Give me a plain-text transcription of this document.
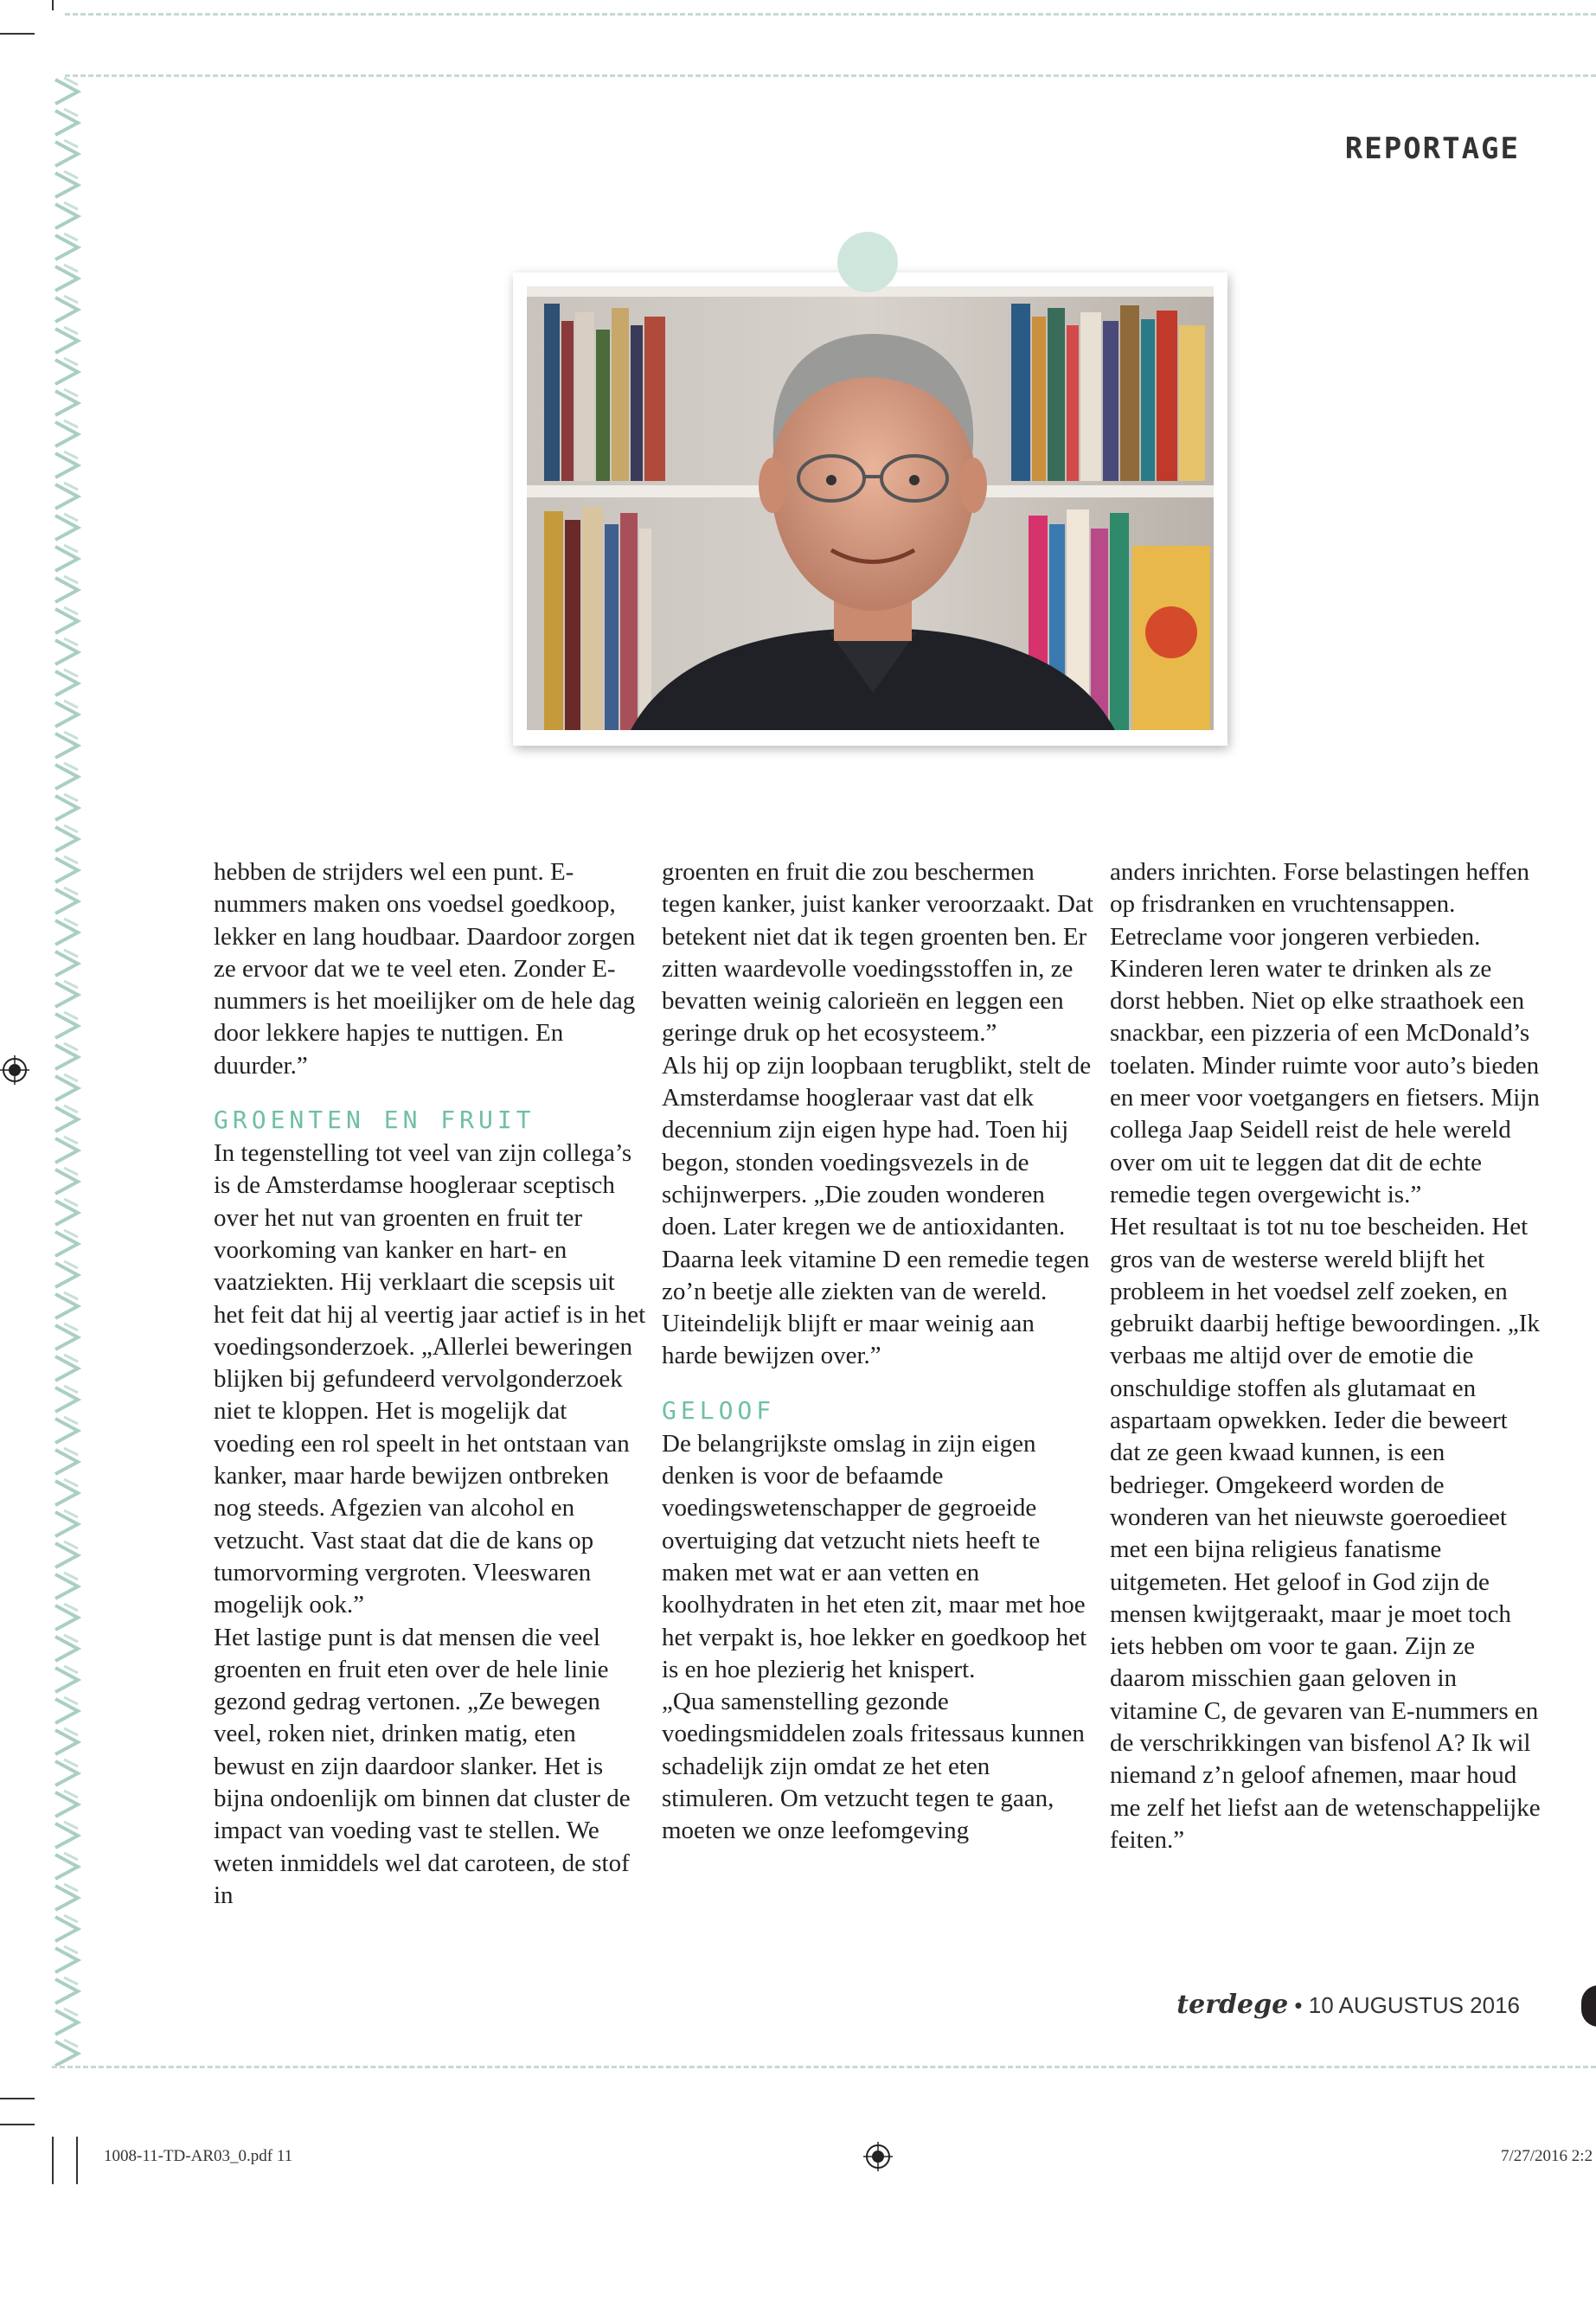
REPORTAGE

hebben de strijders wel een punt. E-nummers maken ons voedsel goedkoop, lekker en lang houdbaar. Daardoor zorgen ze ervoor dat we te veel eten. Zonder E-nummers is het moeilijker om de hele dag door lekkere hapjes te nuttigen. En duurder.”

GROENTEN EN FRUIT

In tegenstelling tot veel van zijn collega’s is de Amsterdamse hoogleraar sceptisch over het nut van groenten en fruit ter voorkoming van kanker en hart- en vaatziekten. Hij verklaart die scepsis uit het feit dat hij al veertig jaar actief is in het voedingsonderzoek. „Allerlei beweringen blijken bij gefundeerd vervolgonderzoek niet te kloppen. Het is mogelijk dat voeding een rol speelt in het ontstaan van kanker, maar harde bewijzen ontbreken nog steeds. Afgezien van alcohol en vetzucht. Vast staat dat die de kans op tumorvorming vergroten. Vleeswaren mogelijk ook.”

Het lastige punt is dat mensen die veel groenten en fruit eten over de hele linie gezond gedrag vertonen. „Ze bewegen veel, roken niet, drinken matig, eten bewust en zijn daardoor slanker. Het is bijna ondoenlijk om binnen dat cluster de impact van voeding vast te stellen. We weten inmiddels wel dat caroteen, de stof in

groenten en fruit die zou beschermen tegen kanker, juist kanker veroorzaakt. Dat betekent niet dat ik tegen groenten ben. Er zitten waardevolle voedingsstoffen in, ze bevatten weinig calorieën en leggen een geringe druk op het ecosysteem.”

Als hij op zijn loopbaan terugblikt, stelt de Amsterdamse hoogleraar vast dat elk decennium zijn eigen hype had. Toen hij begon, stonden voedingsvezels in de schijnwerpers. „Die zouden wonderen doen. Later kregen we de antioxidanten. Daarna leek vitamine D een remedie tegen zo’n beetje alle ziekten van de wereld. Uiteindelijk blijft er maar weinig aan harde bewijzen over.”

GELOOF

De belangrijkste omslag in zijn eigen denken is voor de befaamde voedingswetenschapper de gegroeide overtuiging dat vetzucht niets heeft te maken met wat er aan vetten en koolhydraten in het eten zit, maar met hoe het verpakt is, hoe lekker en goedkoop het is en hoe plezierig het knispert.

„Qua samenstelling gezonde voedingsmiddelen zoals fritessaus kunnen schadelijk zijn omdat ze het eten stimuleren. Om vetzucht tegen te gaan, moeten we onze leefomgeving

anders inrichten. Forse belastingen heffen op frisdranken en vruchtensappen. Eetreclame voor jongeren verbieden. Kinderen leren water te drinken als ze dorst hebben. Niet op elke straathoek een snackbar, een pizzeria of een McDonald’s toelaten. Minder ruimte voor auto’s bieden en meer voor voetgangers en fietsers. Mijn collega Jaap Seidell reist de hele wereld over om uit te leggen dat dit de echte remedie tegen overgewicht is.”

Het resultaat is tot nu toe bescheiden. Het gros van de westerse wereld blijft het probleem in het voedsel zelf zoeken, en gebruikt daarbij heftige bewoordingen. „Ik verbaas me altijd over de emotie die onschuldige stoffen als glutamaat en aspartaam opwekken. Ieder die beweert dat ze geen kwaad kunnen, is een bedrieger. Omgekeerd worden de wonderen van het nieuwste goeroedieet met een bijna religieus fanatisme uitgemeten. Het geloof in God zijn de mensen kwijtgeraakt, maar je moet toch iets hebben om voor te gaan. Zijn ze daarom misschien gaan geloven in vitamine C, de gevaren van E-nummers en de verschrikkingen van bisfenol A? Ik wil niemand z’n geloof afnemen, maar houd me zelf het liefst aan de wetenschappelijke feiten.”

terdege • 10 AUGUSTUS 2016
1008-11-TD-AR03_0.pdf 11	7/27/2016 2:2
